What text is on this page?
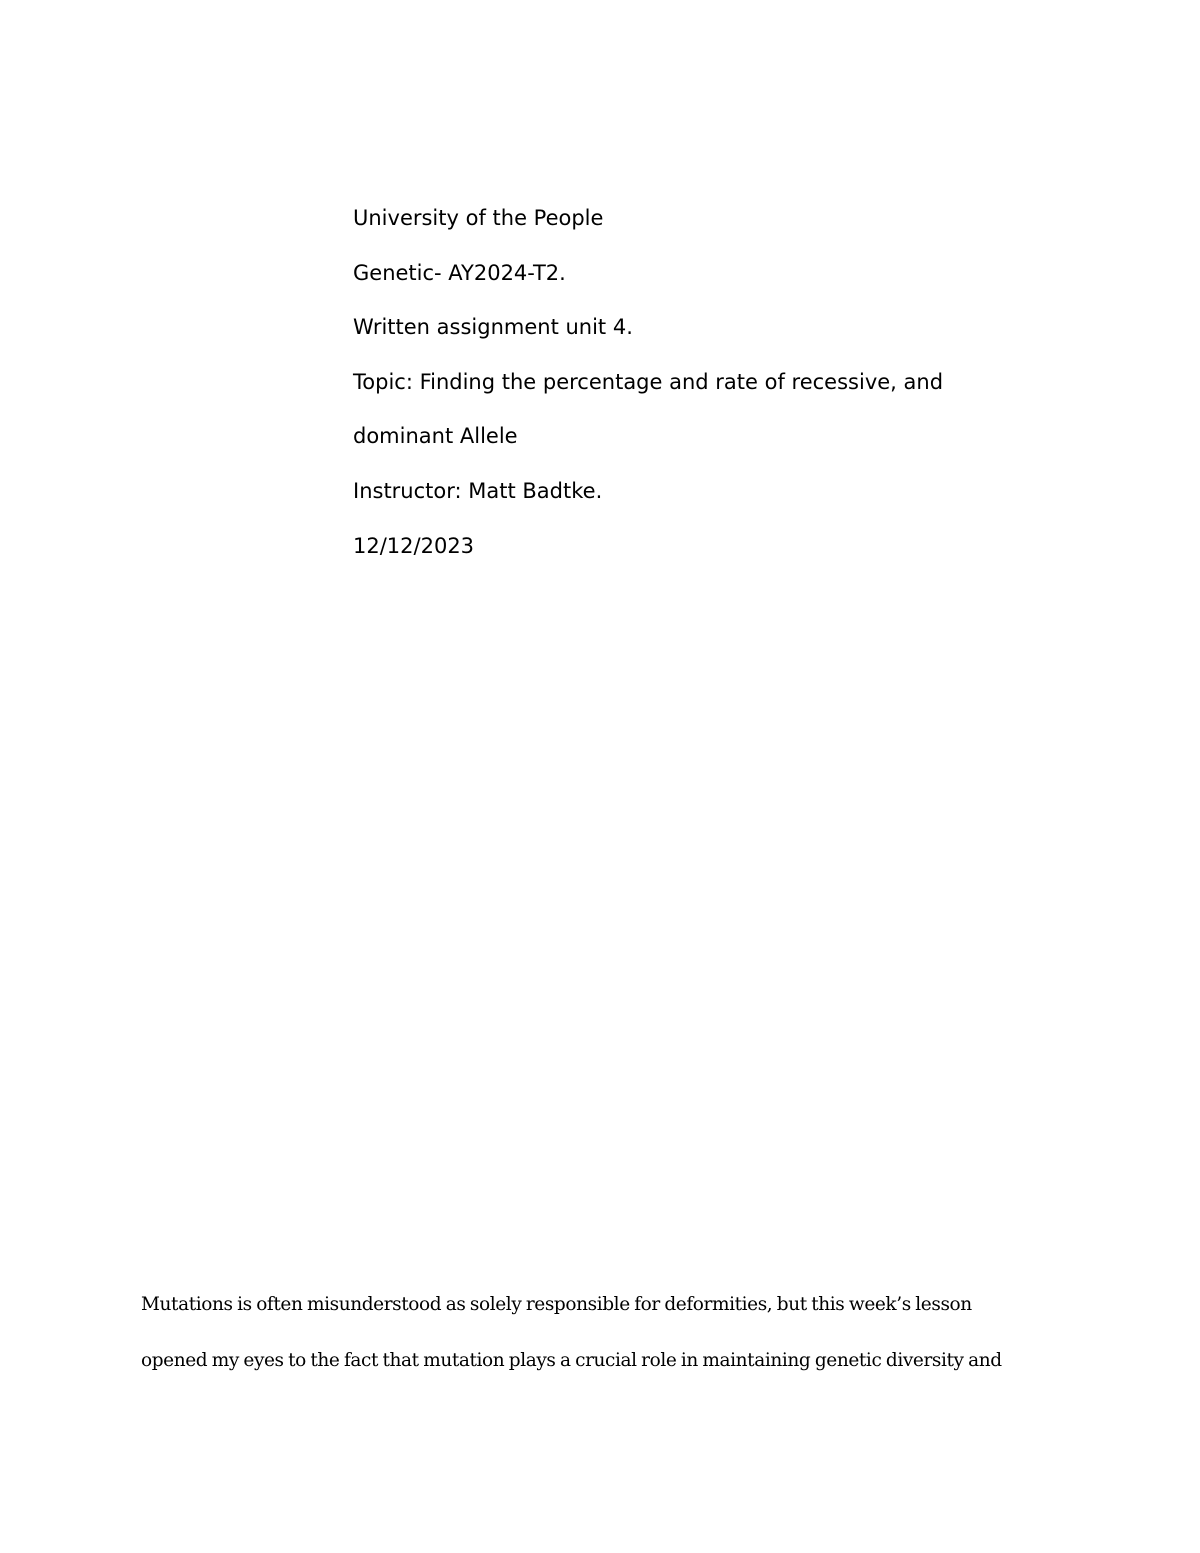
University of the People
Genetic- AY2024-T2.
Written assignment unit 4.
Topic: Finding the percentage and rate of recessive, and
dominant Allele
Instructor: Matt Badtke.
12/12/2023
Mutations is often misunderstood as solely responsible for deformities, but this week’s lesson
opened my eyes to the fact that mutation plays a crucial role in maintaining genetic diversity and
